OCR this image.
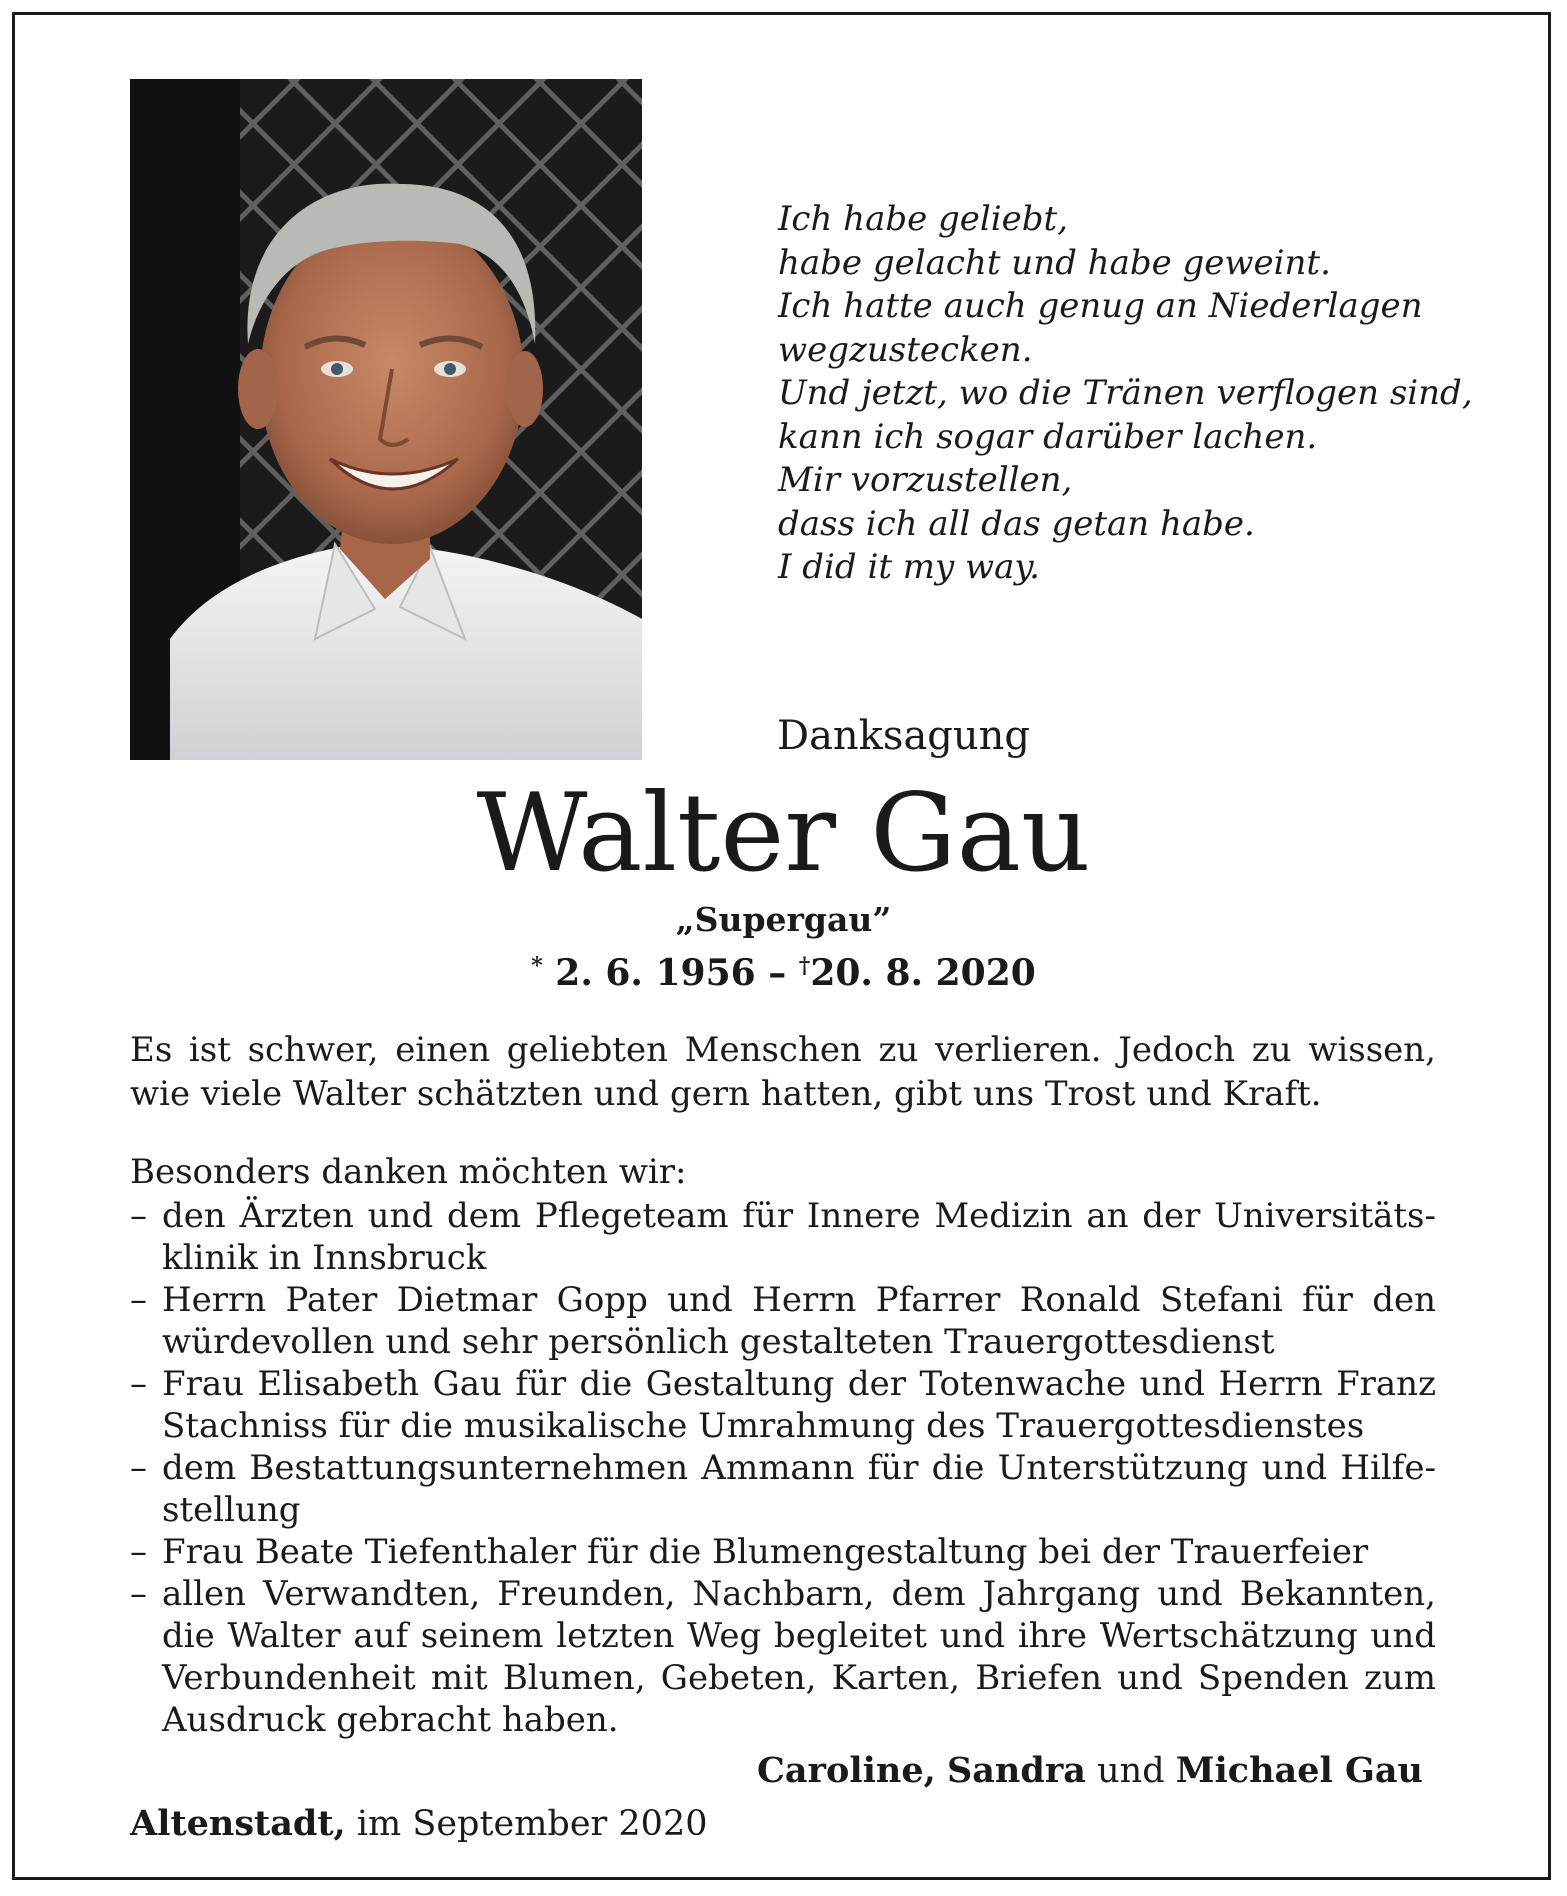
Ich habe geliebt,
habe gelacht und habe geweint.
Ich hatte auch genug an Niederlagen
wegzustecken.
Und jetzt, wo die Tränen verflogen sind,
kann ich sogar darüber lachen.
Mir vorzustellen,
dass ich all das getan habe.
I did it my way.
Danksagung
Walter Gau
„Supergau”
* 2. 6. 1956 – †20. 8. 2020
Es ist schwer, einen geliebten Menschen zu verlieren. Jedoch zu wissen, wie viele Walter schätzten und gern hatten, gibt uns Trost und Kraft.
Besonders danken möchten wir:
– den Ärzten und dem Pflegeteam für Innere Medizin an der Universitätsklinik in Innsbruck
– Herrn Pater Dietmar Gopp und Herrn Pfarrer Ronald Stefani für den würdevollen und sehr persönlich gestalteten Trauergottesdienst
– Frau Elisabeth Gau für die Gestaltung der Totenwache und Herrn Franz Stachniss für die musikalische Umrahmung des Trauergottesdienstes
– dem Bestattungsunternehmen Ammann für die Unterstützung und Hilfestellung
– Frau Beate Tiefenthaler für die Blumengestaltung bei der Trauerfeier
– allen Verwandten, Freunden, Nachbarn, dem Jahrgang und Bekannten, die Walter auf seinem letzten Weg begleitet und ihre Wertschätzung und Verbundenheit mit Blumen, Gebeten, Karten, Briefen und Spenden zum Ausdruck gebracht haben.
Caroline, Sandra und Michael Gau
Altenstadt, im September 2020
